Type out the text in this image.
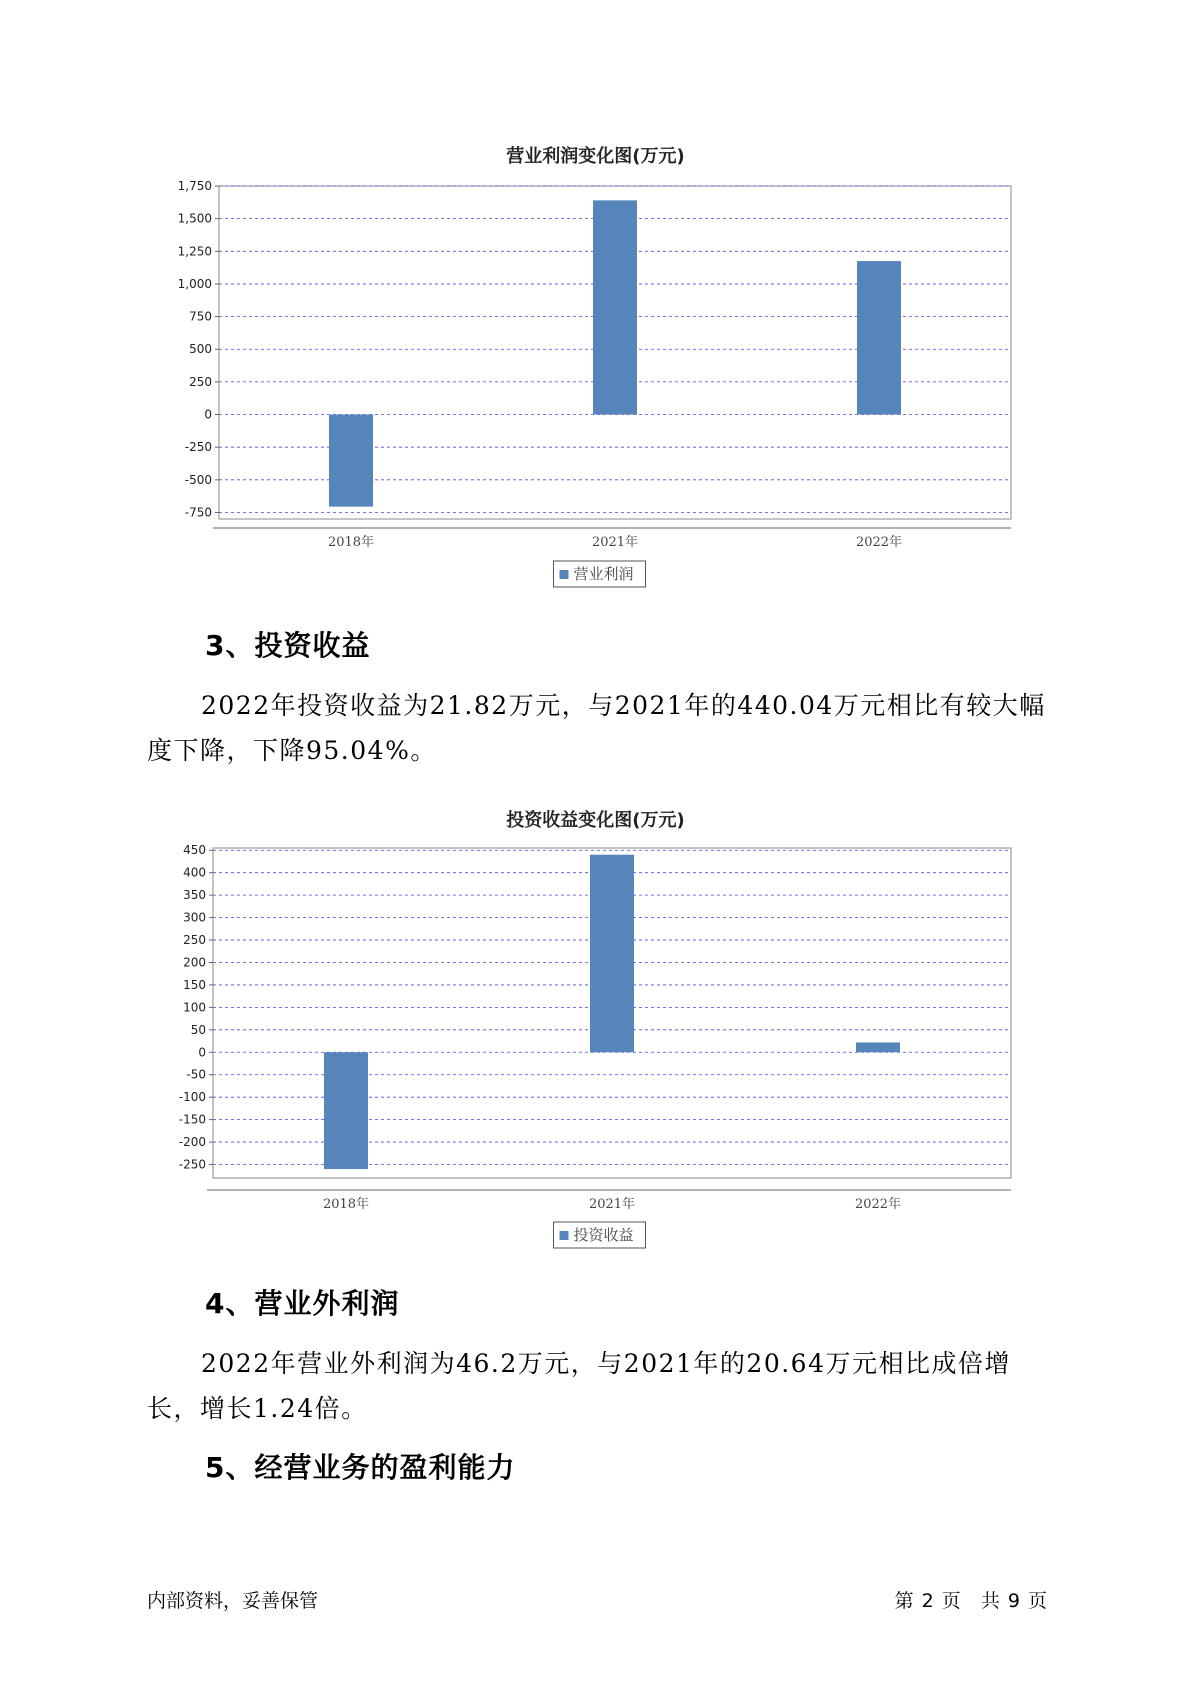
营业利润变化图(万元)
1,750
1,500
1,250
1,000
750
500
250
0
-250
-500
-750
2018年	2021年	2022年
营业利润
3、投资收益

2022年投资收益为21.82万元，与2021年的440.04万元相比有较大幅度下降，下降95.04%。

投资收益变化图(万元)
450
400
350
300
250
200
150
100
50
0
-50
-100
-150
-200
-250
2018年	2021年	2022年
投资收益
4、营业外利润

2022年营业外利润为46.2万元，与2021年的20.64万元相比成倍增长，增长1.24倍。

5、经营业务的盈利能力
内部资料，妥善保管	第 2 页 共 9 页
